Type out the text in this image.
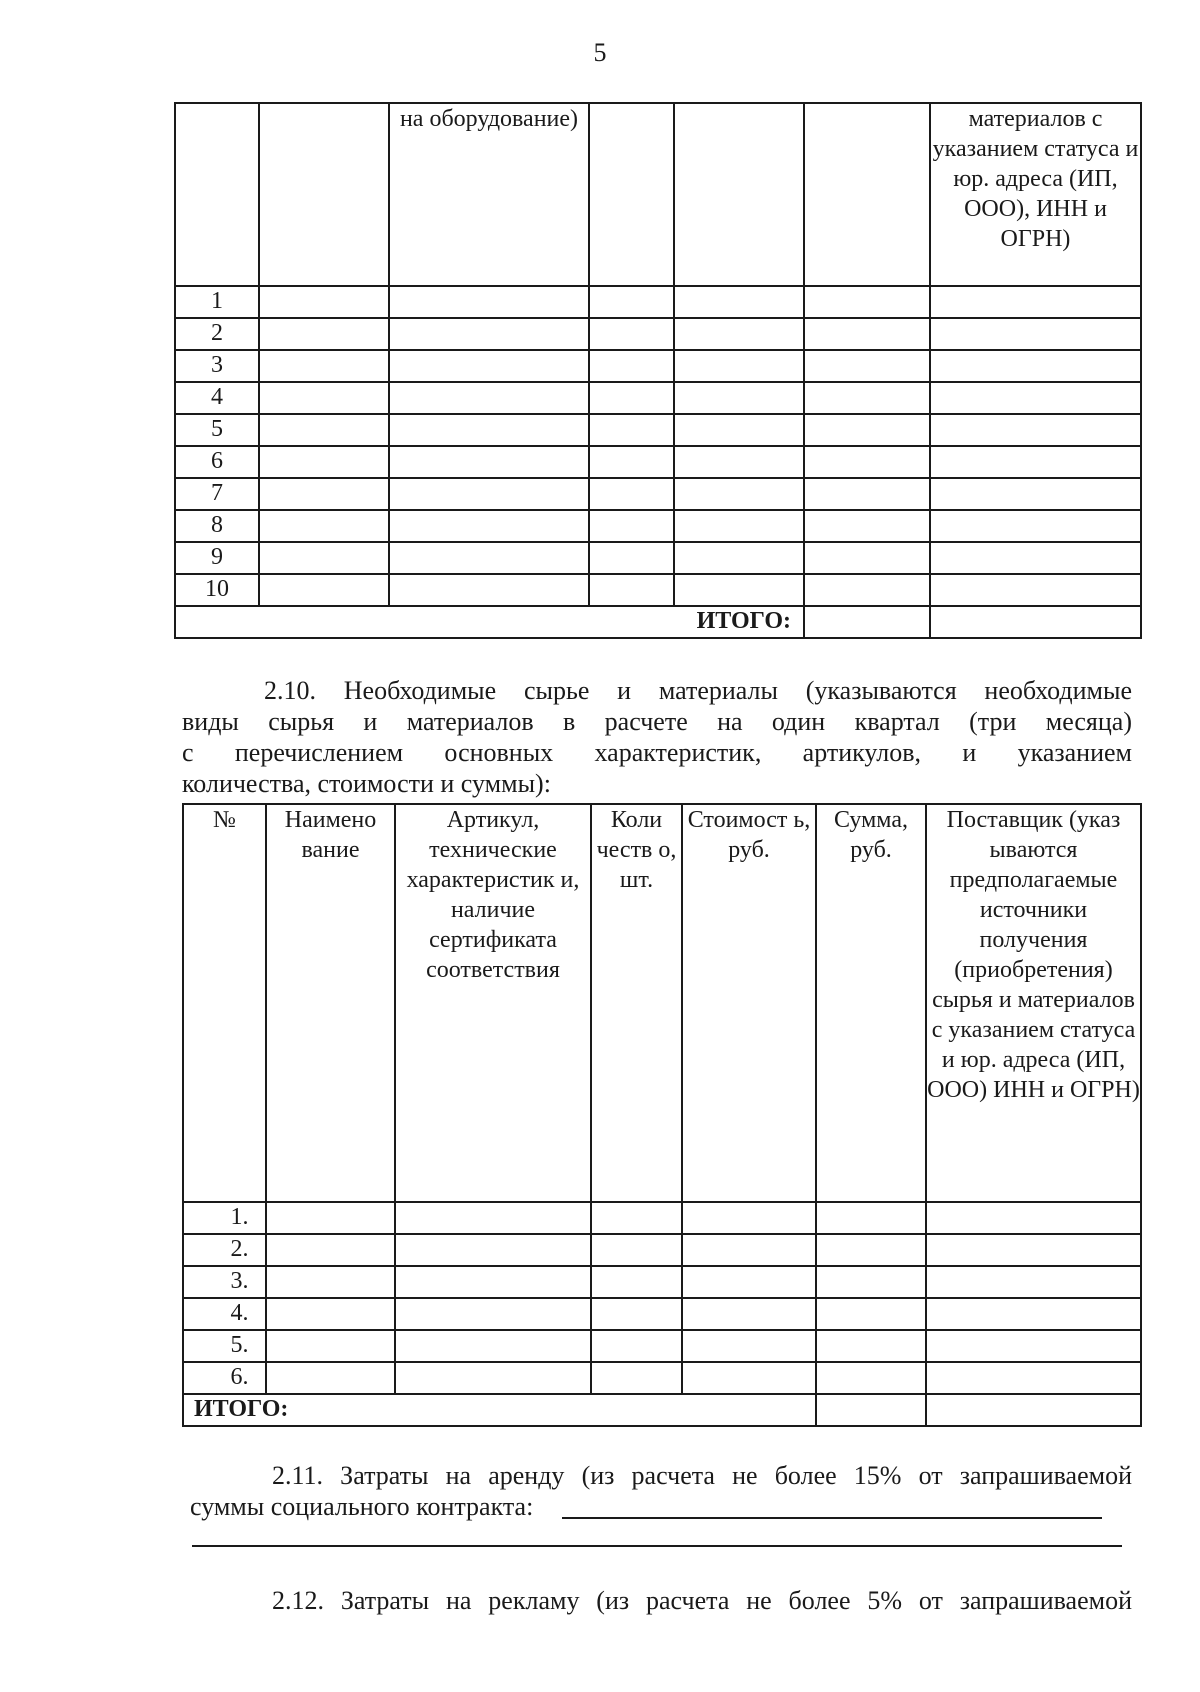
5
		на оборудование)				материалов с указанием статуса и юр. адреса (ИП, ООО), ИНН и ОГРН)
1						
2						
3						
4						
5						
6						
7						
8						
9						
10						
ИТОГО:						
2.10. Необходимые сырье и материалы (указываются необходимые
виды сырья и материалов в расчете на один квартал (три месяца)
с перечислением основных характеристик, артикулов, и указанием
количества, стоимости и суммы):
№	Наимено вание	Артикул, технические характеристик и, наличие сертификата соответствия	Коли честв о, шт.	Стоимост ь, руб.	Сумма, руб.	Поставщик (указ ываются предполагаемые источники получения (приобретения) сырья и материалов с указанием статуса и юр. адреса (ИП, ООО) ИНН и ОГРН)
1.						
2.						
3.						
4.						
5.						
6.						
ИТОГО:						
2.11. Затраты на аренду (из расчета не более 15% от запрашиваемой
суммы социального контракта:
2.12. Затраты на рекламу (из расчета не более 5% от запрашиваемой
